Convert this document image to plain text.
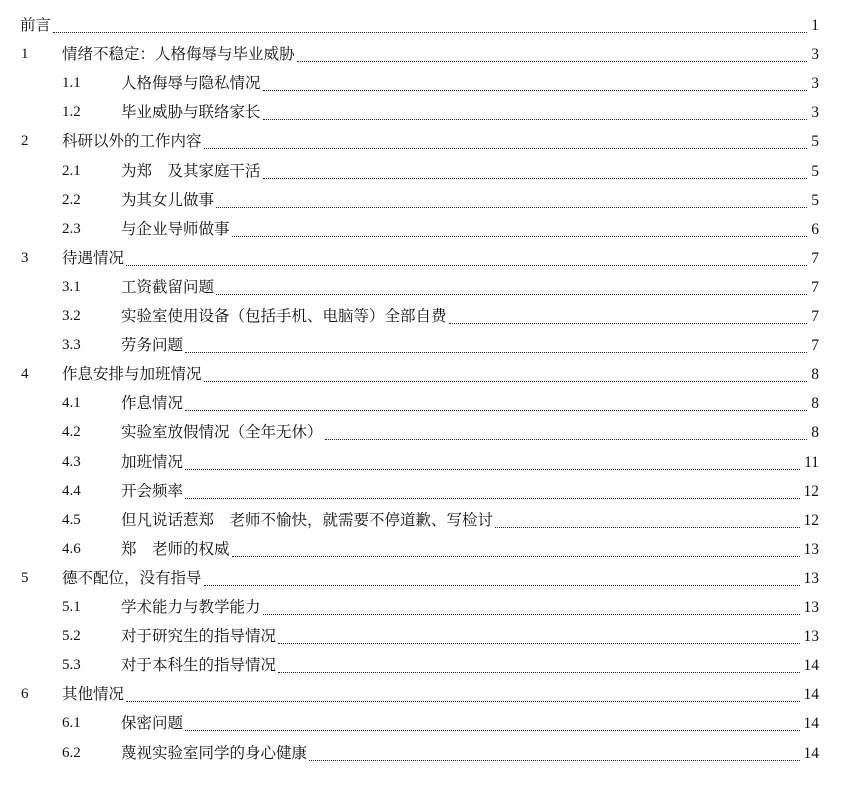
前言	1
1 情绪不稳定：人格侮辱与毕业威胁	3
1.1	人格侮辱与隐私情况	3
1.2	毕业威胁与联络家长	3
2 科研以外的工作内容	5
2.1	为郑　及其家庭干活	5
2.2	为其女儿做事	5
2.3	与企业导师做事	6
3 待遇情况	7
3.1	工资截留问题	7
3.2	实验室使用设备（包括手机、电脑等）全部自费	7
3.3	劳务问题	7
4 作息安排与加班情况	8
4.1	作息情况	8
4.2	实验室放假情况（全年无休）	8
4.3	加班情况	11
4.4	开会频率	12
4.5	但凡说话惹郑　老师不愉快，就需要不停道歉、写检讨	12
4.6	郑　老师的权威	13
5 德不配位，没有指导	13
5.1	学术能力与教学能力	13
5.2	对于研究生的指导情况	13
5.3	对于本科生的指导情况	14
6 其他情况	14
6.1	保密问题	14
6.2	蔑视实验室同学的身心健康	14
